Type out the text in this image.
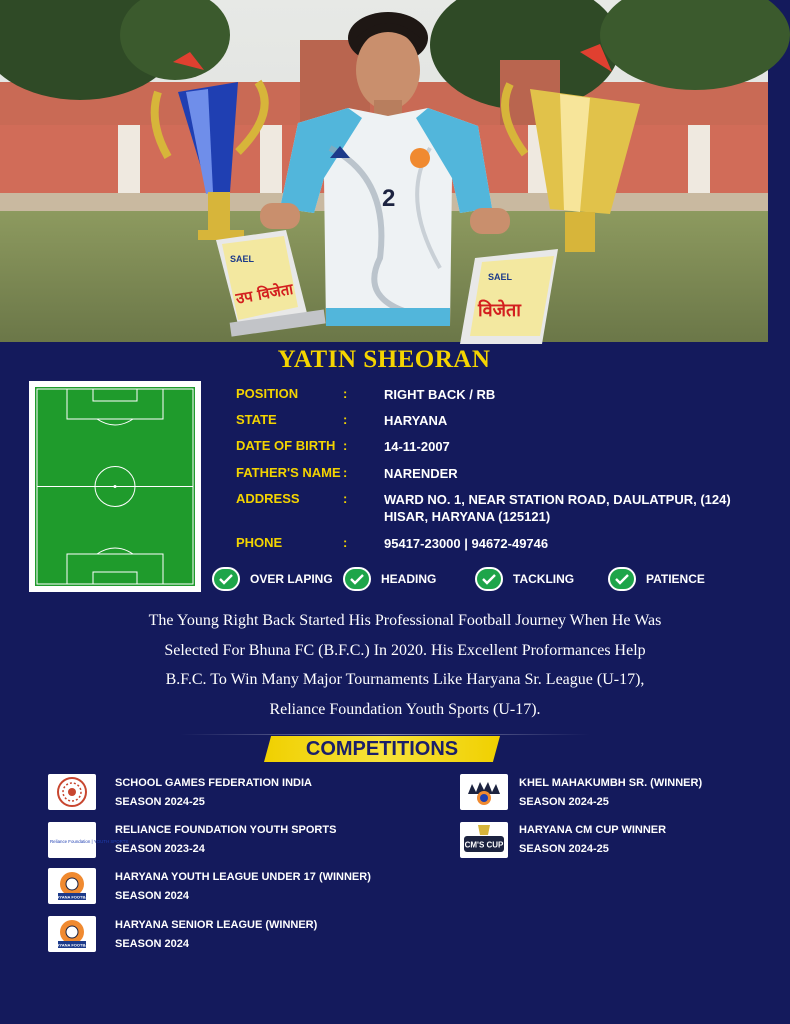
2
SAEL
उप विजेता
SAEL
विजेता
YATIN SHEORAN
POSITION	:	RIGHT BACK / RB
STATE	:	HARYANA
DATE OF BIRTH :	14-11-2007
FATHER'S NAME :	NARENDER
ADDRESS	:	WARD NO. 1, NEAR STATION ROAD, DAULATPUR, (124) HISAR, HARYANA (125121)
PHONE	:	95417-23000 | 94672-49746
OVER LAPING	HEADING	TACKLING	PATIENCE
The Young Right Back Started His Professional Football Journey When He Was
Selected For Bhuna FC (B.F.C.) In 2020. His Excellent Proformances Help
B.F.C. To Win Many Major Tournaments Like Haryana Sr. League (U-17),
Reliance Foundation Youth Sports (U-17).
COMPETITIONS
SCHOOL GAMES FEDERATION INDIA
SEASON 2024-25
Reliance Foundation | YOUTH SPORTS
RELIANCE FOUNDATION YOUTH SPORTS
SEASON 2023-24
HARYANA FOOTBALL
HARYANA YOUTH LEAGUE UNDER 17 (WINNER)
SEASON 2024
HARYANA FOOTBALL
HARYANA SENIOR LEAGUE (WINNER)
SEASON 2024
KHEL MAHAKUMBH SR. (WINNER)
SEASON 2024-25
CM'S CUP
HARYANA CM CUP WINNER
SEASON 2024-25
